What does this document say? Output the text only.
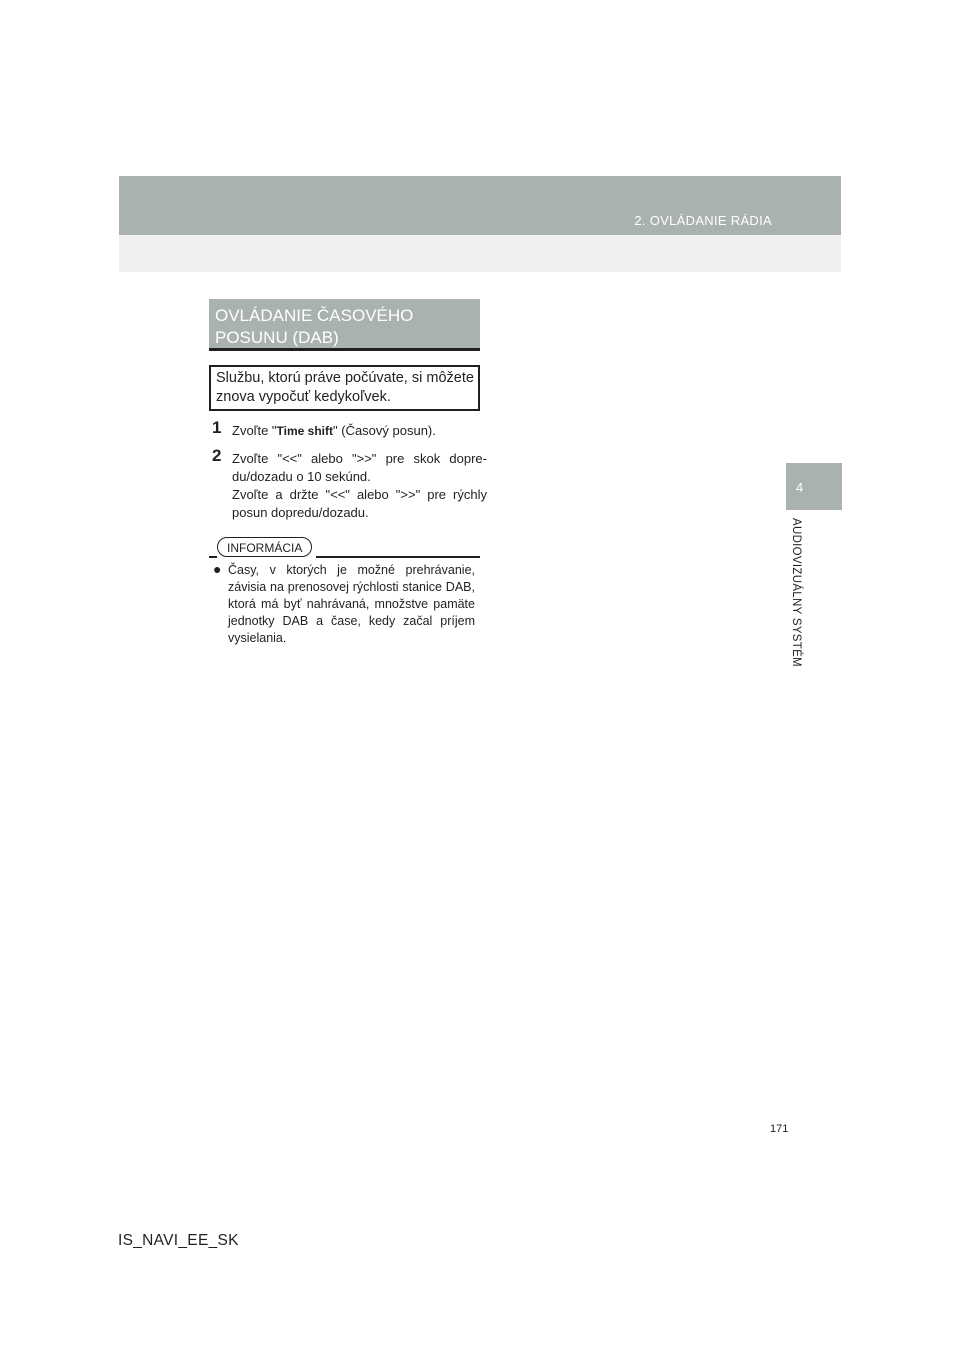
2. OVLÁDANIE RÁDIA
4
AUDIOVIZUÁLNY SYSTÉM
OVLÁDANIE ČASOVÉHO POSUNU (DAB)
Službu, ktorú práve počúvate, si môžete znova vypočuť kedykoľvek.
1 Zvoľte "Time shift" (Časový posun).
2 Zvoľte "<<" alebo ">>" pre skok dopre-du/dozadu o 10 sekúnd.
Zvoľte a držte "<<" alebo ">>" pre rýchly posun dopredu/dozadu.
INFORMÁCIA
● Časy, v ktorých je možné prehrávanie, závisia na prenosovej rýchlosti stanice DAB, ktorá má byť nahrávaná, množstve pamäte jednotky DAB a čase, kedy začal príjem vysielania.
171
IS_NAVI_EE_SK
